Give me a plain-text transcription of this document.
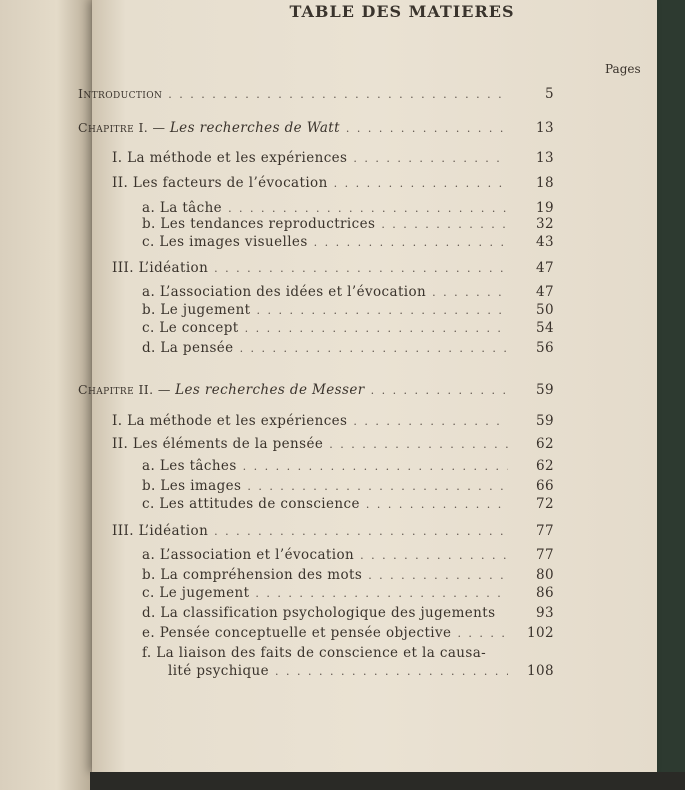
TABLE DES MATIERES
Pages
Introduction . . .	5
Chapitre I. — Les recherches de Watt . . .	13
I. La méthode et les expériences . . .	13
II. Les facteurs de l’évocation . . .	18
a. La tâche . . .	19
b. Les tendances reproductrices . . .	32
c. Les images visuelles . . .	43
III. L’idéation . . .	47
a. L’association des idées et l’évocation . . .	47
b. Le jugement . . .	50
c. Le concept . . .	54
d. La pensée . . .	56
Chapitre II. — Les recherches de Messer . . .	59
I. La méthode et les expériences . . .	59
II. Les éléments de la pensée . . .	62
a. Les tâches . . .	62
b. Les images . . .	66
c. Les attitudes de conscience . . .	72
III. L’idéation . . .	77
a. L’association et l’évocation . . .	77
b. La compréhension des mots . . .	80
c. Le jugement . . .	86
d. La classification psychologique des jugements	93
e. Pensée conceptuelle et pensée objective . . .	102
f. La liaison des faits de conscience et la causa-
lité psychique . . .	108
